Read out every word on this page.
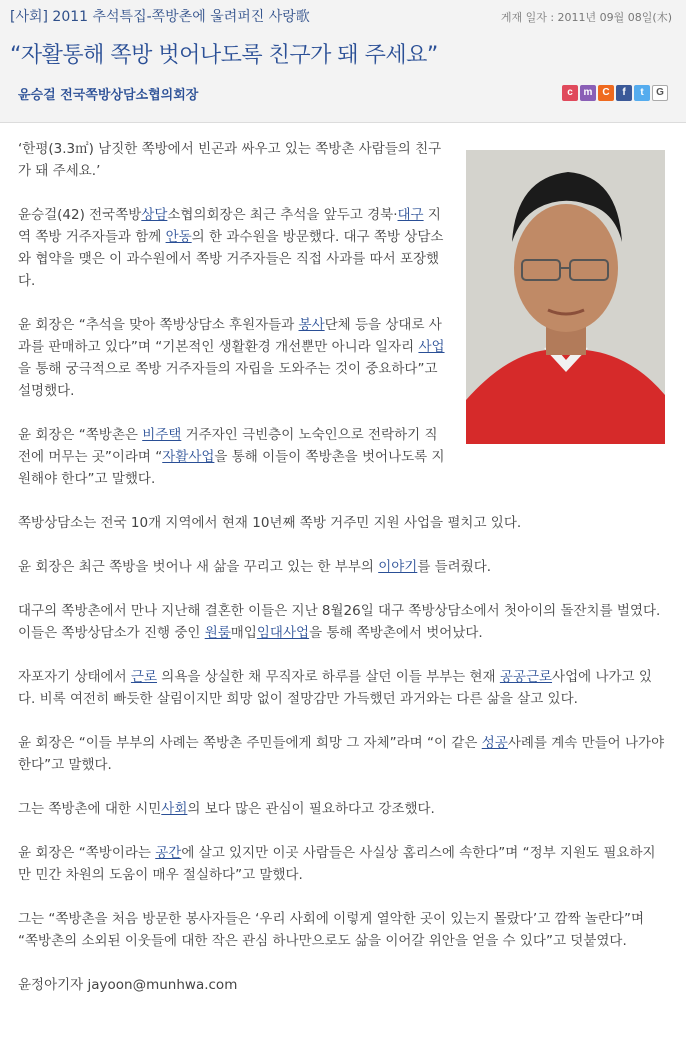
[사회] 2011 추석특집-쪽방촌에 울려퍼진 사랑歌	게재 일자 : 2011년 09월 08일(木)
“자활통해 쪽방 벗어나도록 친구가 돼 주세요”
윤승걸 전국쪽방상담소협의회장	c	m C	f	t	G

‘한평(3.3㎡) 남짓한 쪽방에서 빈곤과 싸우고 있는 쪽방촌 사람들의 친구가 돼 주세요.’

윤승걸(42) 전국쪽방상담소협의회장은 최근 추석을 앞두고 경북·대구 지역 쪽방 거주자들과 함께 안동의 한 과수원을 방문했다. 대구 쪽방 상담소와 협약을 맺은 이 과수원에서 쪽방 거주자들은 직접 사과를 따서 포장했다.

윤 회장은 “추석을 맞아 쪽방상담소 후원자들과 봉사단체 등을 상대로 사과를 판매하고 있다”며 “기본적인 생활환경 개선뿐만 아니라 일자리 사업을 통해 궁극적으로 쪽방 거주자들의 자립을 도와주는 것이 중요하다”고 설명했다.

윤 회장은 “쪽방촌은 비주택 거주자인 극빈층이 노숙인으로 전락하기 직전에 머무는 곳”이라며 “자활사업을 통해 이들이 쪽방촌을 벗어나도록 지원해야 한다”고 말했다.

쪽방상담소는 전국 10개 지역에서 현재 10년째 쪽방 거주민 지원 사업을 펼치고 있다.

윤 회장은 최근 쪽방을 벗어나 새 삶을 꾸리고 있는 한 부부의 이야기를 들려줬다.

대구의 쪽방촌에서 만나 지난해 결혼한 이들은 지난 8월26일 대구 쪽방상담소에서 첫아이의 돌잔치를 벌였다. 이들은 쪽방상담소가 진행 중인 원룸매입임대사업을 통해 쪽방촌에서 벗어났다.

자포자기 상태에서 근로 의욕을 상실한 채 무직자로 하루를 살던 이들 부부는 현재 공공근로사업에 나가고 있다. 비록 여전히 빠듯한 살림이지만 희망 없이 절망감만 가득했던 과거와는 다른 삶을 살고 있다.

윤 회장은 “이들 부부의 사례는 쪽방촌 주민들에게 희망 그 자체”라며 “이 같은 성공사례를 계속 만들어 나가야 한다”고 말했다.

그는 쪽방촌에 대한 시민사회의 보다 많은 관심이 필요하다고 강조했다.

윤 회장은 “쪽방이라는 공간에 살고 있지만 이곳 사람들은 사실상 홈리스에 속한다”며 “정부 지원도 필요하지만 민간 차원의 도움이 매우 절실하다”고 말했다.

그는 “쪽방촌을 처음 방문한 봉사자들은 ‘우리 사회에 이렇게 열악한 곳이 있는지 몰랐다’고 깜짝 놀란다”며 “쪽방촌의 소외된 이웃들에 대한 작은 관심 하나만으로도 삶을 이어갈 위안을 얻을 수 있다”고 덧붙였다.

윤정아기자 jayoon@munhwa.com
